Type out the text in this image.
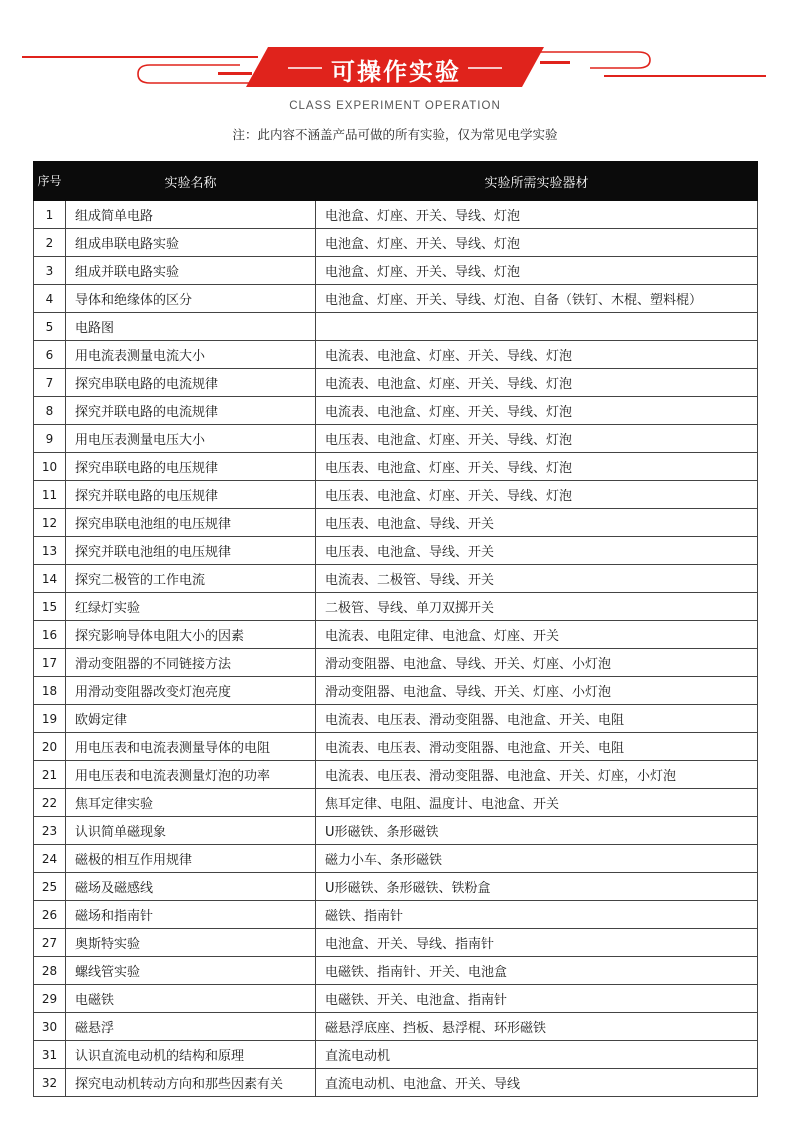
可操作实验
CLASS EXPERIMENT OPERATION
注：此内容不涵盖产品可做的所有实验，仅为常见电学实验
序号	实验名称	实验所需实验器材
1	组成简单电路	电池盒、灯座、开关、导线、灯泡
2	组成串联电路实验	电池盒、灯座、开关、导线、灯泡
3	组成并联电路实验	电池盒、灯座、开关、导线、灯泡
4	导体和绝缘体的区分	电池盒、灯座、开关、导线、灯泡、自备（铁钉、木棍、塑料棍）
5	电路图	
6	用电流表测量电流大小	电流表、电池盒、灯座、开关、导线、灯泡
7	探究串联电路的电流规律	电流表、电池盒、灯座、开关、导线、灯泡
8	探究并联电路的电流规律	电流表、电池盒、灯座、开关、导线、灯泡
9	用电压表测量电压大小	电压表、电池盒、灯座、开关、导线、灯泡
10	探究串联电路的电压规律	电压表、电池盒、灯座、开关、导线、灯泡
11	探究并联电路的电压规律	电压表、电池盒、灯座、开关、导线、灯泡
12	探究串联电池组的电压规律	电压表、电池盒、导线、开关
13	探究并联电池组的电压规律	电压表、电池盒、导线、开关
14	探究二极管的工作电流	电流表、二极管、导线、开关
15	红绿灯实验	二极管、导线、单刀双掷开关
16	探究影响导体电阻大小的因素	电流表、电阻定律、电池盒、灯座、开关
17	滑动变阻器的不同链接方法	滑动变阻器、电池盒、导线、开关、灯座、小灯泡
18	用滑动变阻器改变灯泡亮度	滑动变阻器、电池盒、导线、开关、灯座、小灯泡
19	欧姆定律	电流表、电压表、滑动变阻器、电池盒、开关、电阻
20	用电压表和电流表测量导体的电阻	电流表、电压表、滑动变阻器、电池盒、开关、电阻
21	用电压表和电流表测量灯泡的功率	电流表、电压表、滑动变阻器、电池盒、开关、灯座，小灯泡
22	焦耳定律实验	焦耳定律、电阻、温度计、电池盒、开关
23	认识简单磁现象	U形磁铁、条形磁铁
24	磁极的相互作用规律	磁力小车、条形磁铁
25	磁场及磁感线	U形磁铁、条形磁铁、铁粉盒
26	磁场和指南针	磁铁、指南针
27	奥斯特实验	电池盒、开关、导线、指南针
28	螺线管实验	电磁铁、指南针、开关、电池盒
29	电磁铁	电磁铁、开关、电池盒、指南针
30	磁悬浮	磁悬浮底座、挡板、悬浮棍、环形磁铁
31	认识直流电动机的结构和原理	直流电动机
32	探究电动机转动方向和那些因素有关	直流电动机、电池盒、开关、导线
